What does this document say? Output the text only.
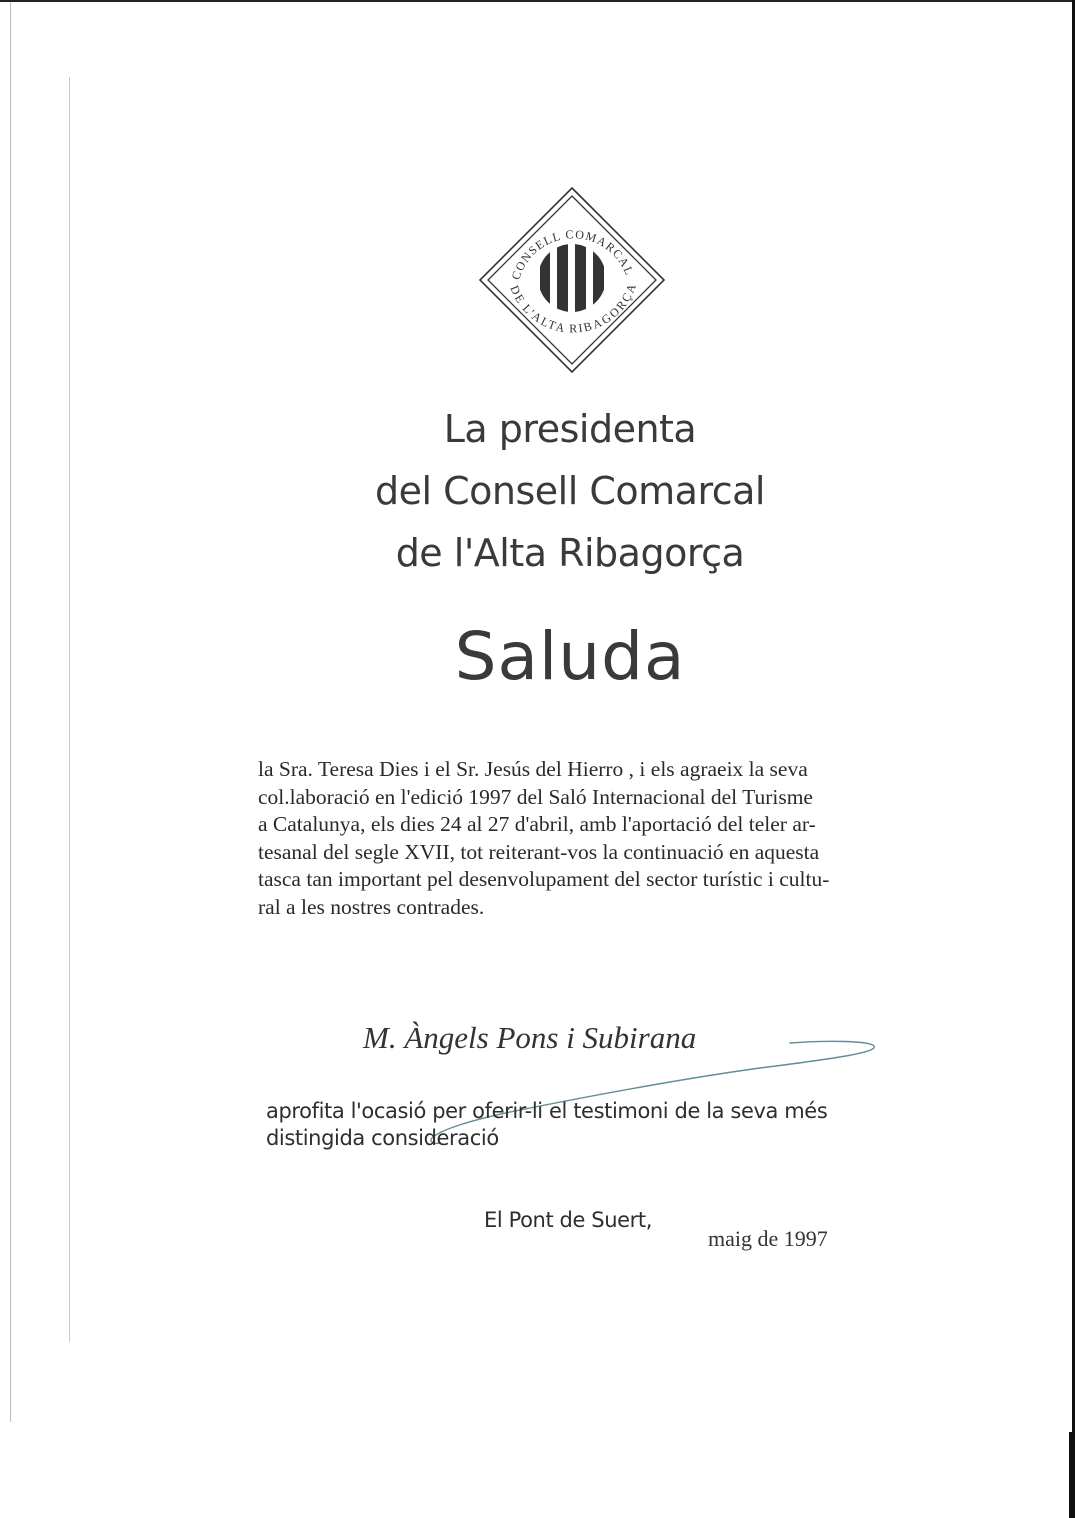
CONSELL COMARCAL
DE L'ALTA RIBAGORÇA
La presidenta
del Consell Comarcal
de l'Alta Ribagorça
Saluda
la Sra. Teresa Dies i el Sr. Jesús del Hierro , i els agraeix la seva
col.laboració en l'edició 1997 del Saló Internacional del Turisme
a Catalunya, els dies 24 al 27 d'abril, amb l'aportació del teler ar-
tesanal del segle XVII, tot reiterant-vos la continuació en aquesta
tasca tan important pel desenvolupament del sector turístic i cultu-
ral a les nostres contrades.
M. Àngels Pons i Subirana
aprofita l'ocasió per oferir-li el testimoni de la seva més
distingida consideració
El Pont de Suert,
maig de 1997
